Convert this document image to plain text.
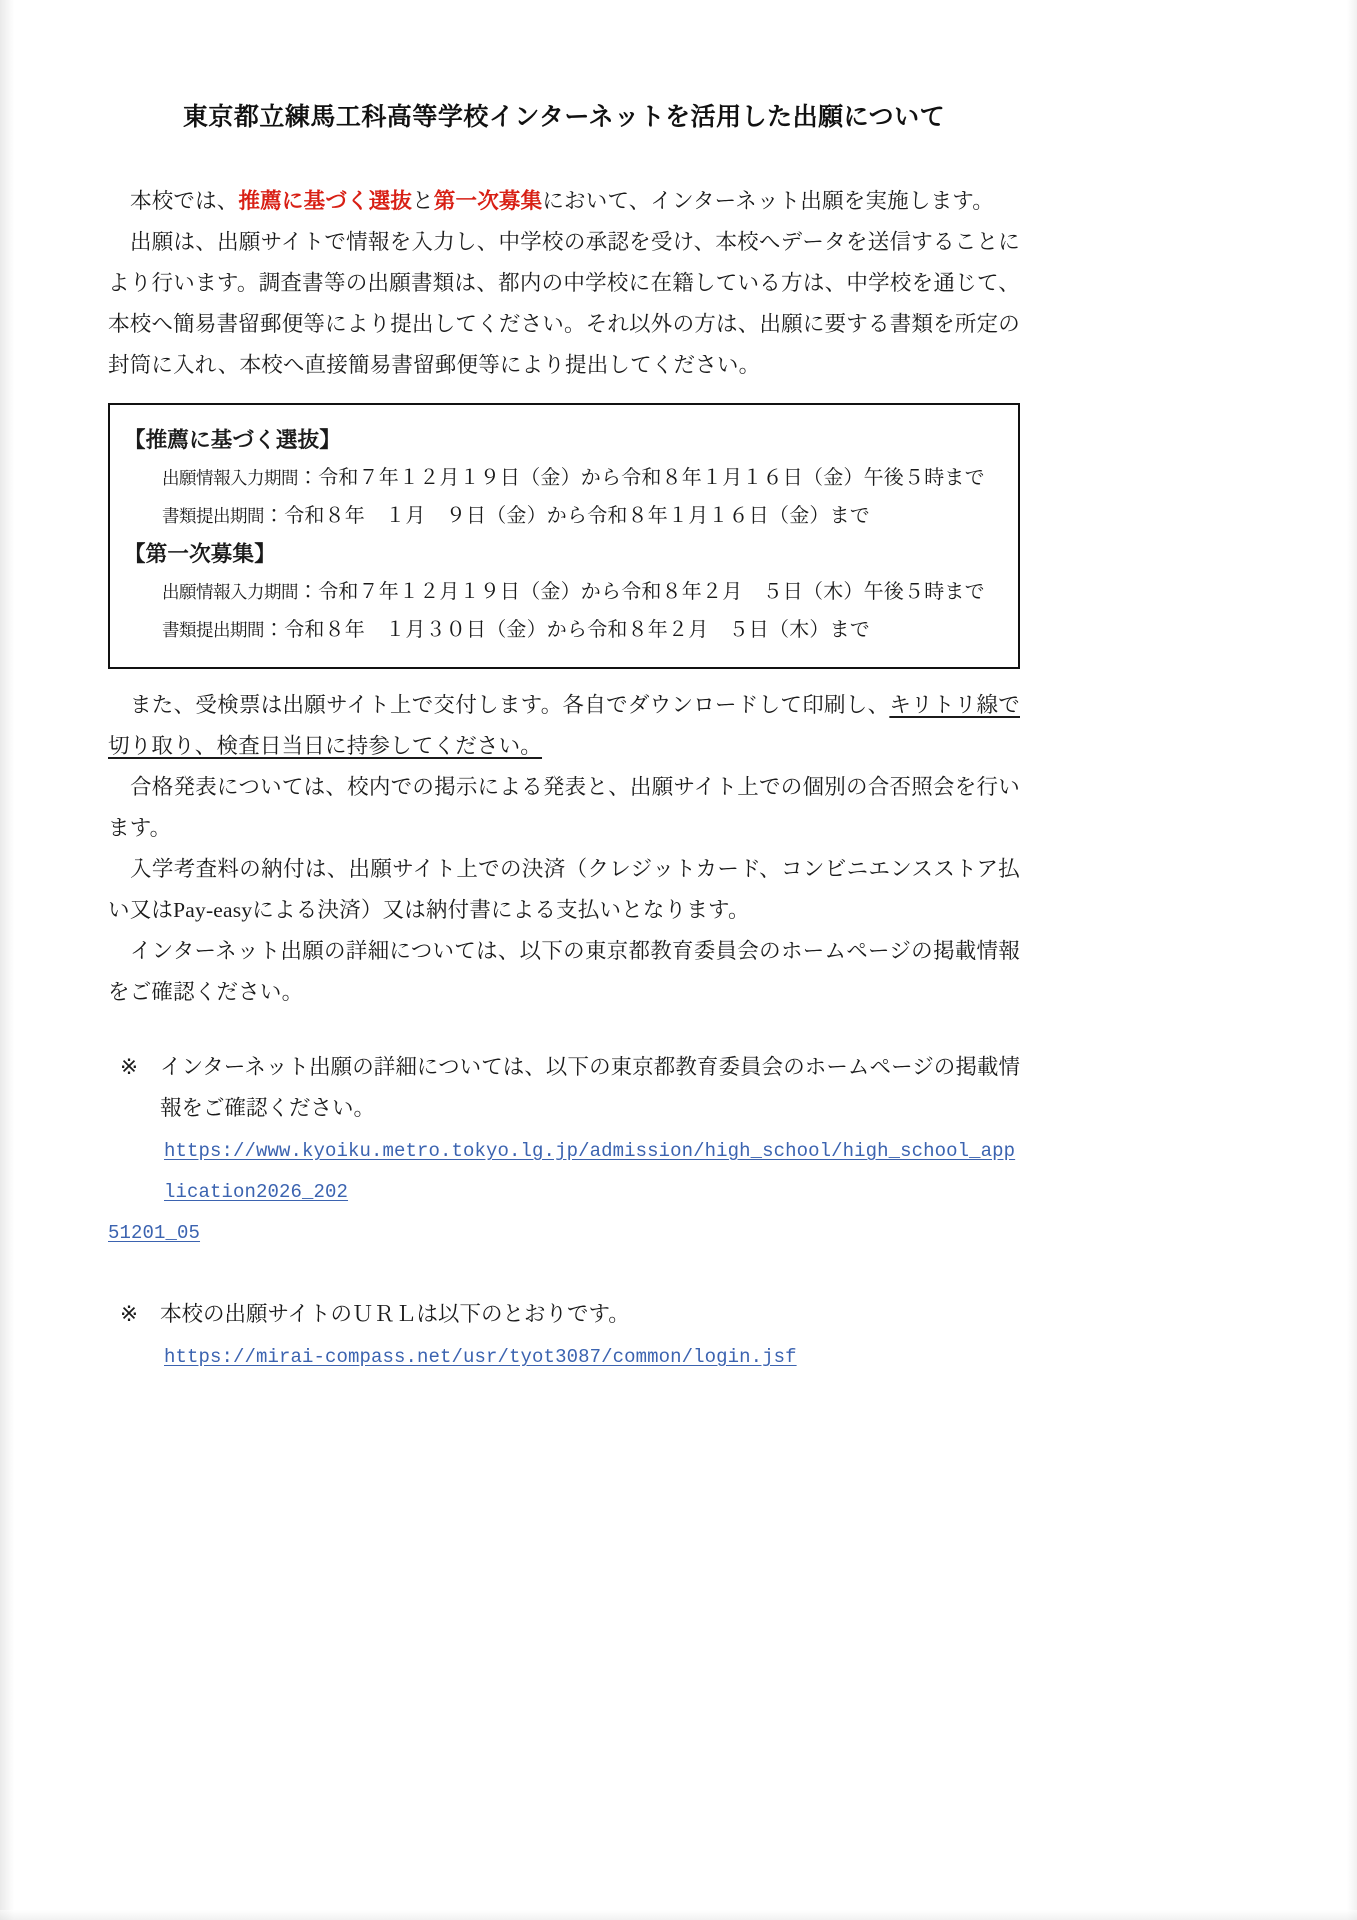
東京都立練馬工科高等学校インターネットを活用した出願について

本校では、推薦に基づく選抜と第一次募集において、インターネット出願を実施します。

出願は、出願サイトで情報を入力し、中学校の承認を受け、本校へデータを送信することにより行います。調査書等の出願書類は、都内の中学校に在籍している方は、中学校を通じて、本校へ簡易書留郵便等により提出してください。それ以外の方は、出願に要する書類を所定の封筒に入れ、本校へ直接簡易書留郵便等により提出してください。

【推薦に基づく選抜】

出願情報入力期間：令和７年１２月１９日（金）から令和８年１月１６日（金）午後５時まで

書類提出期間：令和８年　１月　９日（金）から令和８年１月１６日（金）まで

【第一次募集】

出願情報入力期間：令和７年１２月１９日（金）から令和８年２月　５日（木）午後５時まで

書類提出期間：令和８年　１月３０日（金）から令和８年２月　５日（木）まで

また、受検票は出願サイト上で交付します。各自でダウンロードして印刷し、キリトリ線で切り取り、検査日当日に持参してください。

合格発表については、校内での掲示による発表と、出願サイト上での個別の合否照会を行います。

入学考査料の納付は、出願サイト上での決済（クレジットカード、コンビニエンスストア払い又はPay-easyによる決済）又は納付書による支払いとなります。

インターネット出願の詳細については、以下の東京都教育委員会のホームページの掲載情報をご確認ください。

※	インターネット出願の詳細については、以下の東京都教育委員会のホームページの掲載情報をご確認ください。

https://www.kyoiku.metro.tokyo.lg.jp/admission/high_school/high_school_application2026_202

51201_05

※	本校の出願サイトのＵＲＬは以下のとおりです。

https://mirai-compass.net/usr/tyot3087/common/login.jsf
